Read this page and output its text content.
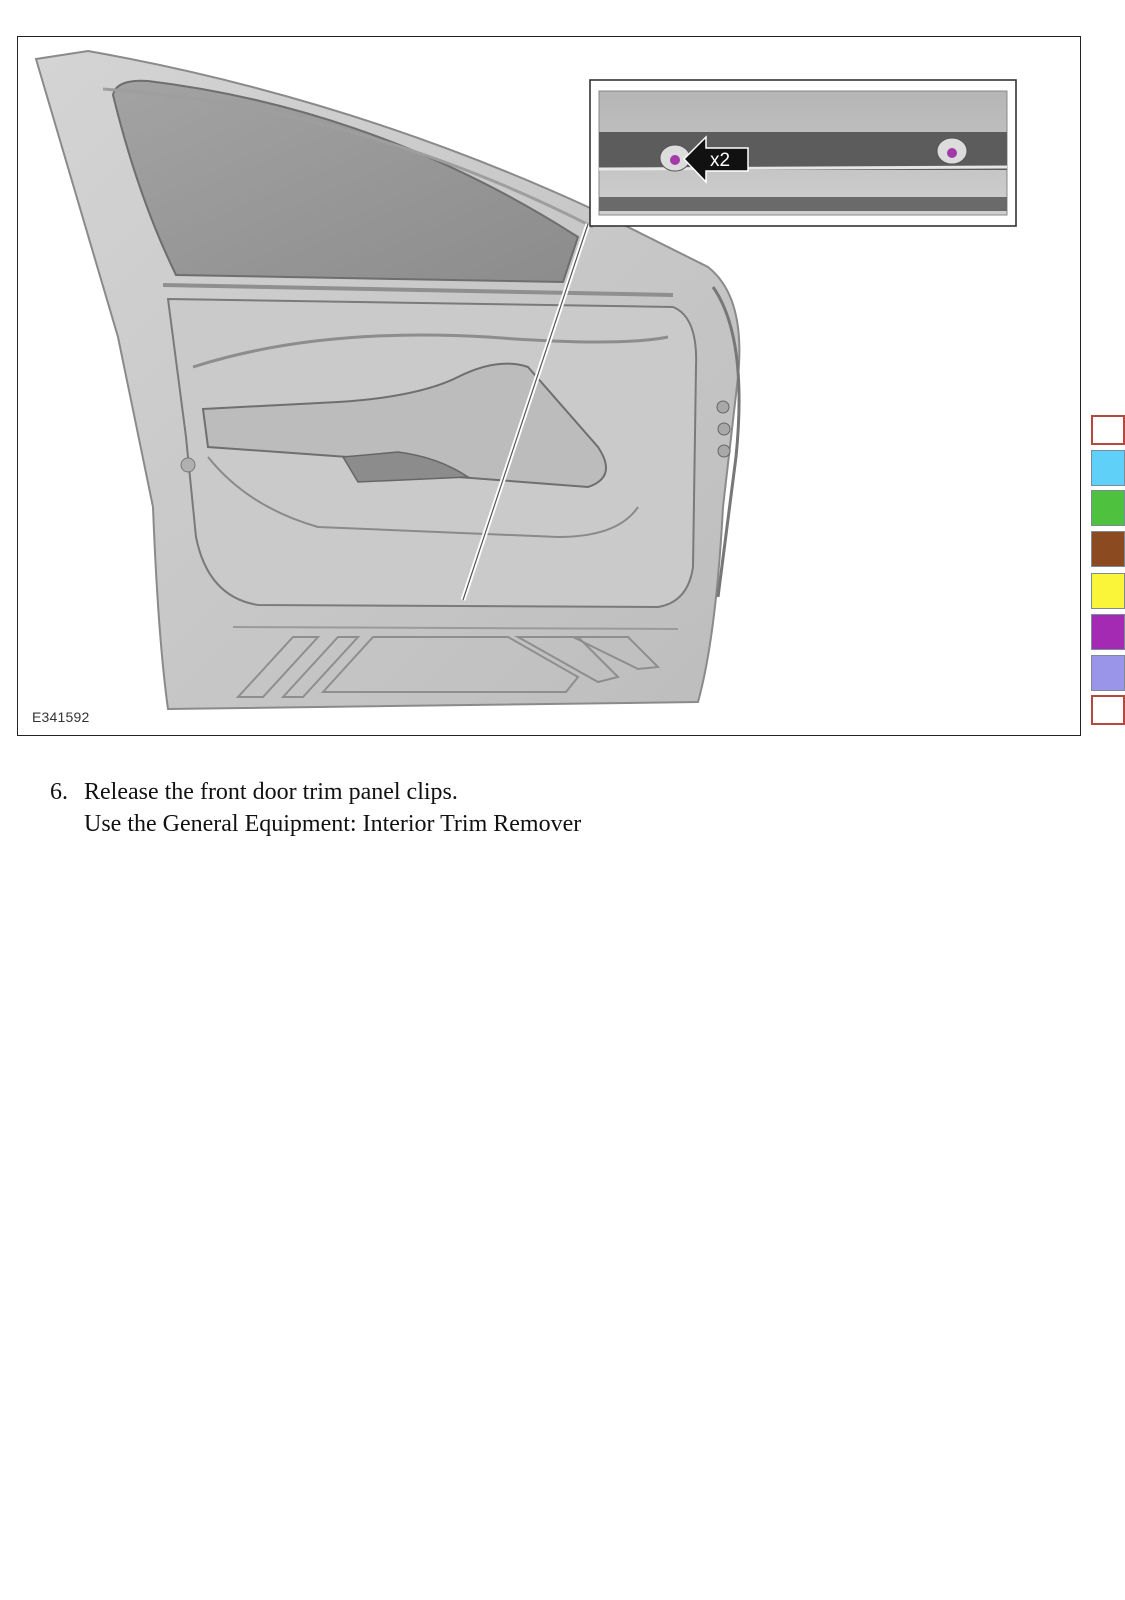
x2
E341592
6. Release the front door trim panel clips.
Use the General Equipment: Interior Trim Remover
